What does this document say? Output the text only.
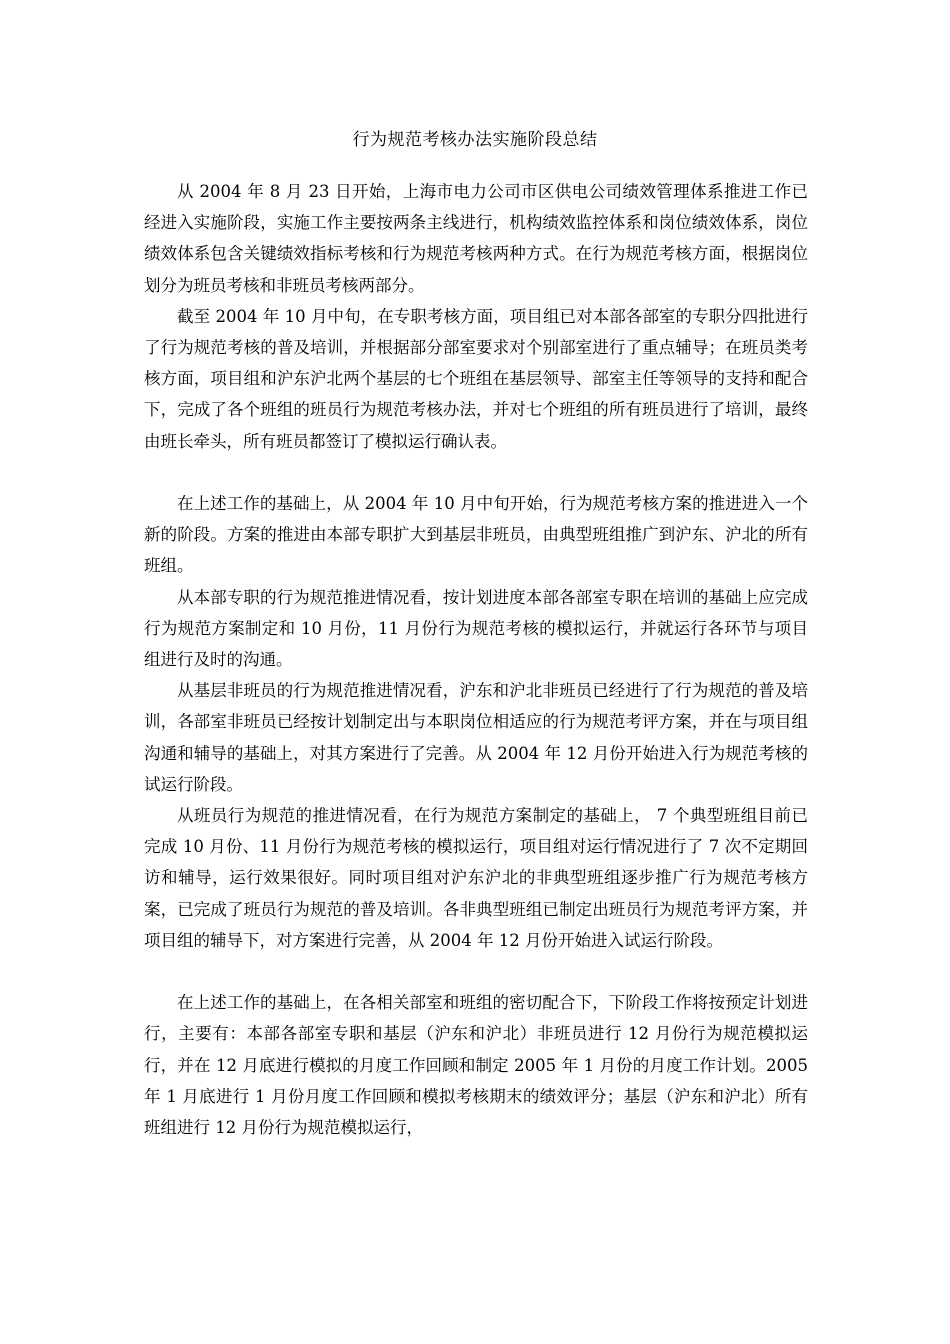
行为规范考核办法实施阶段总结

从 2004 年 8 月 23 日开始，上海市电力公司市区供电公司绩效管理体系推进工作已经进入实施阶段，实施工作主要按两条主线进行，机构绩效监控体系和岗位绩效体系，岗位绩效体系包含关键绩效指标考核和行为规范考核两种方式。在行为规范考核方面，根据岗位划分为班员考核和非班员考核两部分。

截至 2004 年 10 月中旬，在专职考核方面，项目组已对本部各部室的专职分四批进行了行为规范考核的普及培训，并根据部分部室要求对个别部室进行了重点辅导；在班员类考核方面，项目组和沪东沪北两个基层的七个班组在基层领导、部室主任等领导的支持和配合下，完成了各个班组的班员行为规范考核办法，并对七个班组的所有班员进行了培训，最终由班长牵头，所有班员都签订了模拟运行确认表。

在上述工作的基础上，从 2004 年 10 月中旬开始，行为规范考核方案的推进进入一个新的阶段。方案的推进由本部专职扩大到基层非班员，由典型班组推广到沪东、沪北的所有班组。

从本部专职的行为规范推进情况看，按计划进度本部各部室专职在培训的基础上应完成行为规范方案制定和 10 月份，11 月份行为规范考核的模拟运行，并就运行各环节与项目组进行及时的沟通。

从基层非班员的行为规范推进情况看，沪东和沪北非班员已经进行了行为规范的普及培训，各部室非班员已经按计划制定出与本职岗位相适应的行为规范考评方案，并在与项目组沟通和辅导的基础上，对其方案进行了完善。从 2004 年 12 月份开始进入行为规范考核的试运行阶段。

从班员行为规范的推进情况看，在行为规范方案制定的基础上， 7 个典型班组目前已完成 10 月份、11 月份行为规范考核的模拟运行，项目组对运行情况进行了 7 次不定期回访和辅导，运行效果很好。同时项目组对沪东沪北的非典型班组逐步推广行为规范考核方案，已完成了班员行为规范的普及培训。各非典型班组已制定出班员行为规范考评方案，并项目组的辅导下，对方案进行完善，从 2004 年 12 月份开始进入试运行阶段。

在上述工作的基础上，在各相关部室和班组的密切配合下，下阶段工作将按预定计划进行，主要有：本部各部室专职和基层（沪东和沪北）非班员进行 12 月份行为规范模拟运行，并在 12 月底进行模拟的月度工作回顾和制定 2005 年 1 月份的月度工作计划。2005 年 1 月底进行 1 月份月度工作回顾和模拟考核期末的绩效评分；基层（沪东和沪北）所有班组进行 12 月份行为规范模拟运行，
